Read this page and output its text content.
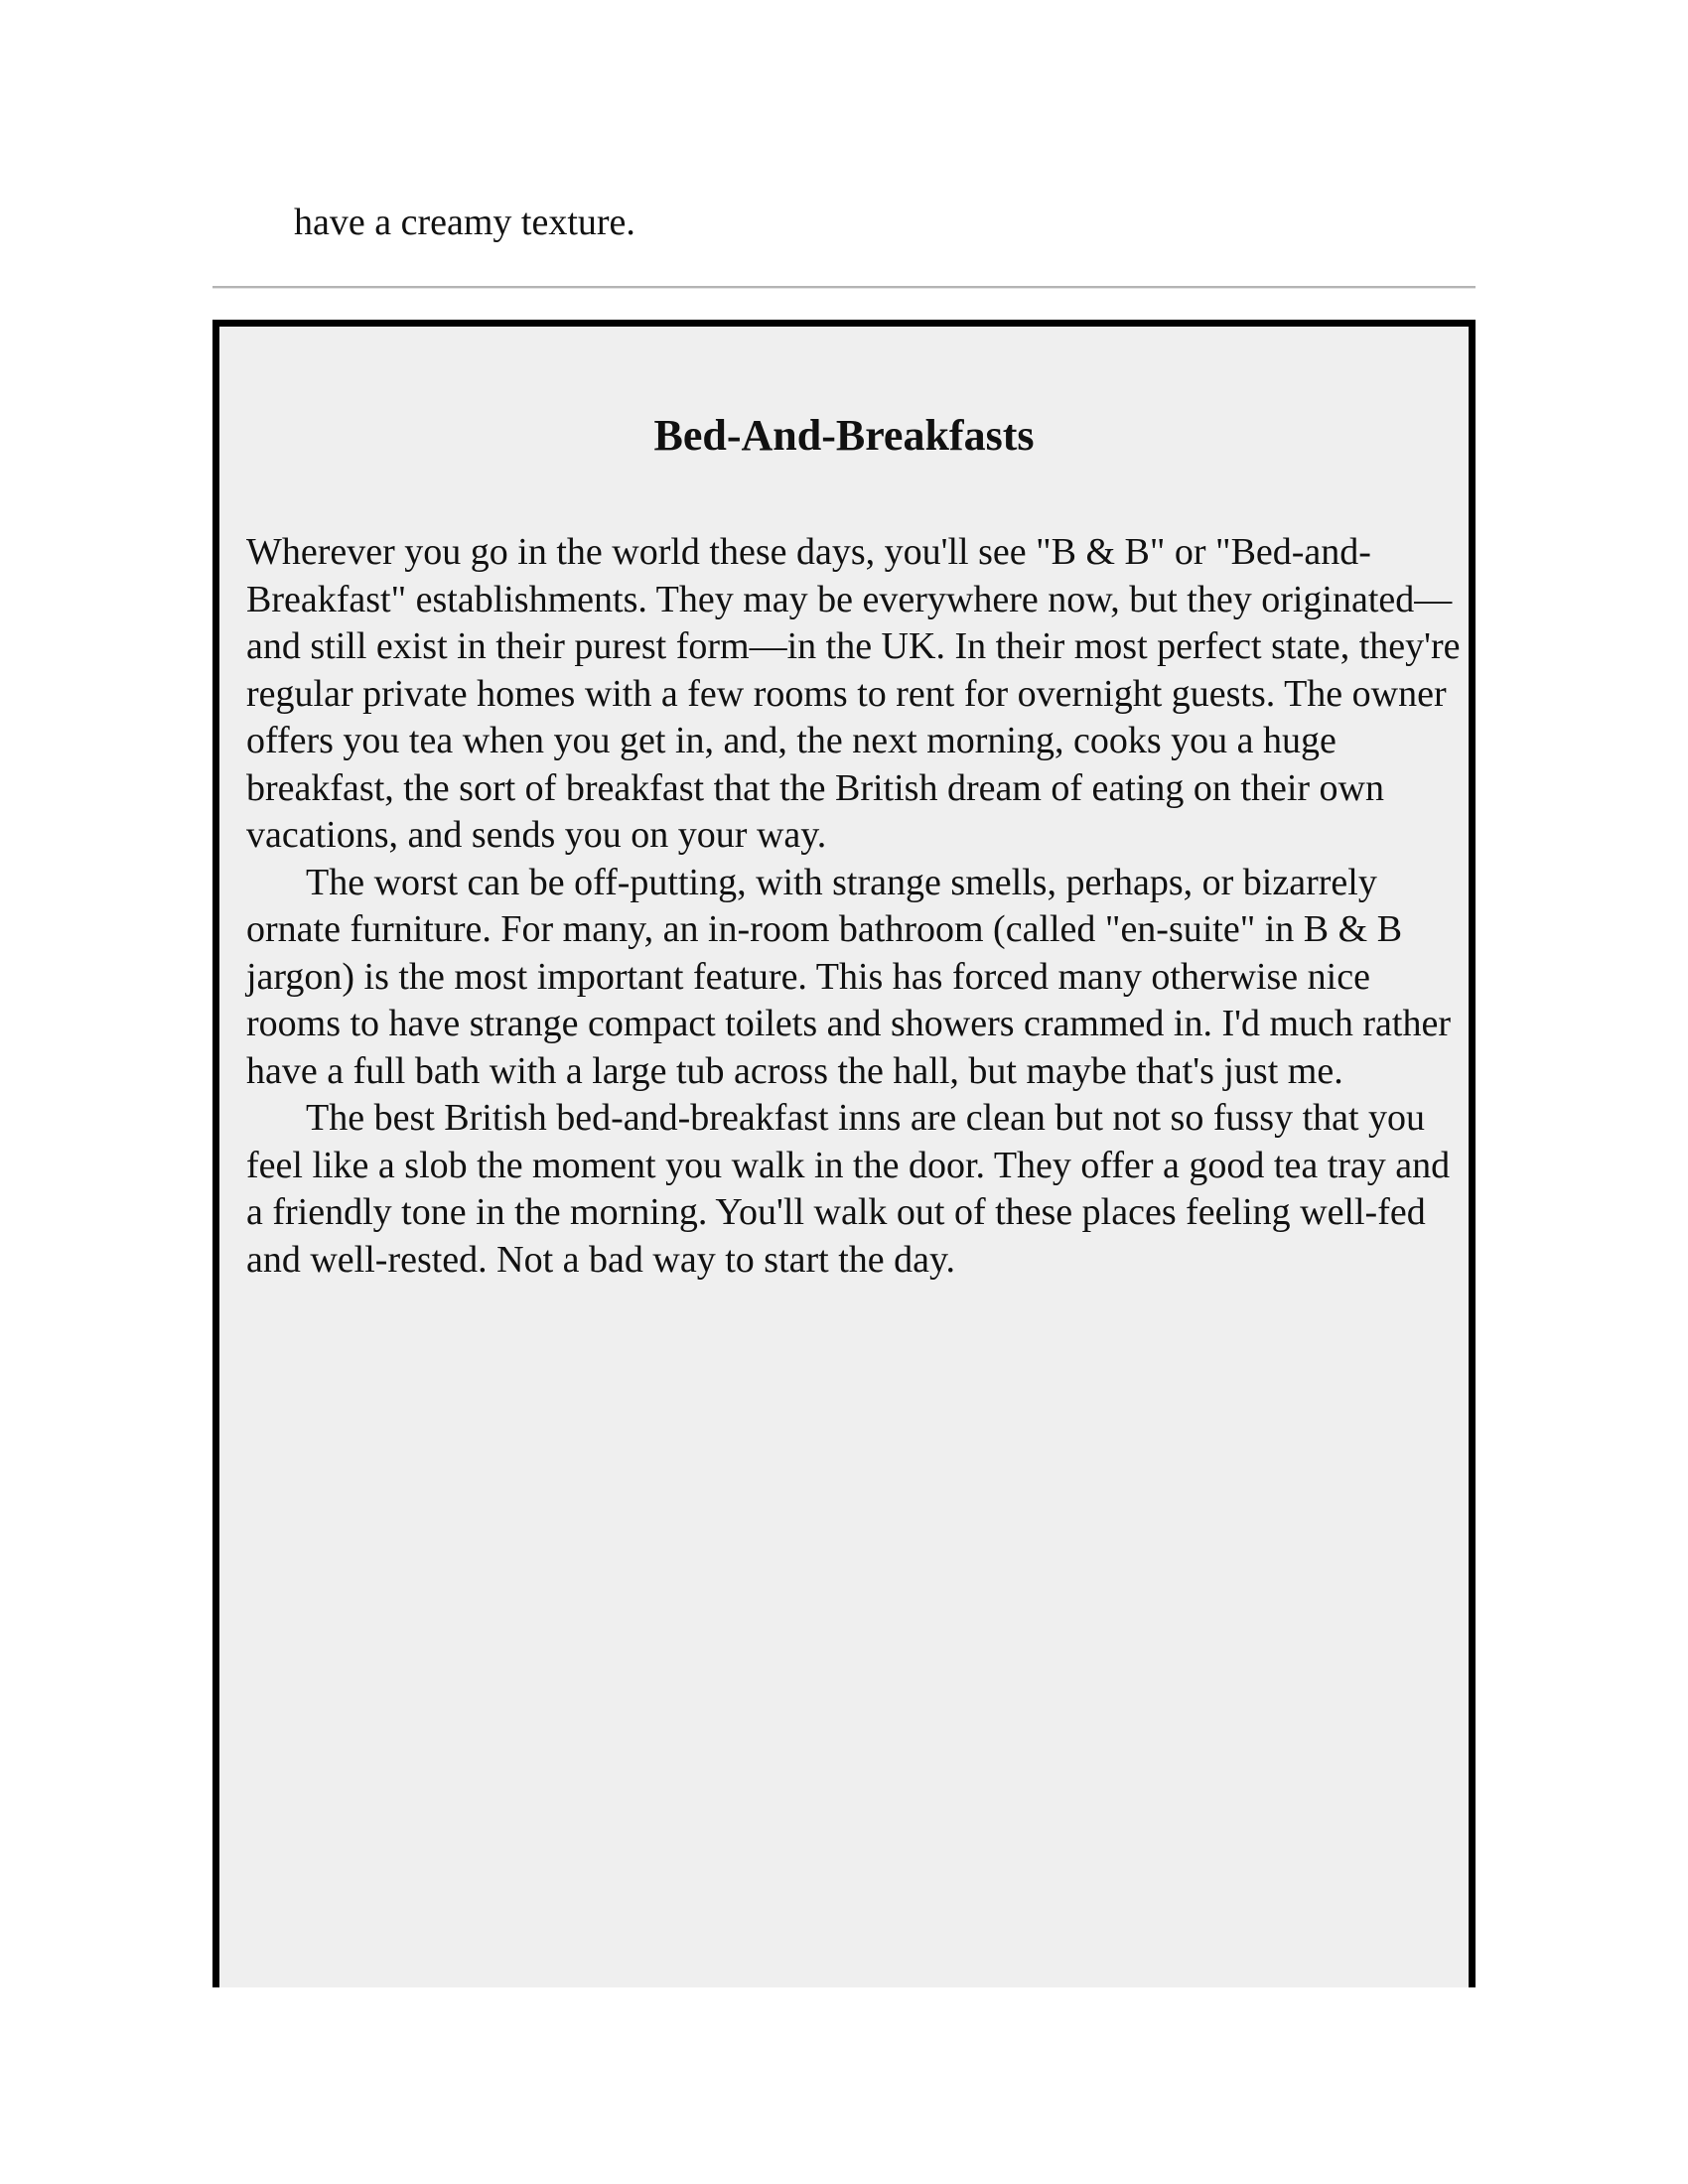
have a creamy texture.

Bed-And-Breakfasts

Wherever you go in the world these days, you'll see "B & B" or "Bed-and-Breakfast" establishments. They may be everywhere now, but they originated—and still exist in their purest form—in the UK. In their most perfect state, they're regular private homes with a few rooms to rent for overnight guests. The owner offers you tea when you get in, and, the next morning, cooks you a huge breakfast, the sort of breakfast that the British dream of eating on their own vacations, and sends you on your way.

The worst can be off-putting, with strange smells, perhaps, or bizarrely ornate furniture. For many, an in-room bathroom (called "en-suite" in B & B jargon) is the most important feature. This has forced many otherwise nice rooms to have strange compact toilets and showers crammed in. I'd much rather have a full bath with a large tub across the hall, but maybe that's just me.

The best British bed-and-breakfast inns are clean but not so fussy that you feel like a slob the moment you walk in the door. They offer a good tea tray and a friendly tone in the morning. You'll walk out of these places feeling well-fed and well-rested. Not a bad way to start the day.
